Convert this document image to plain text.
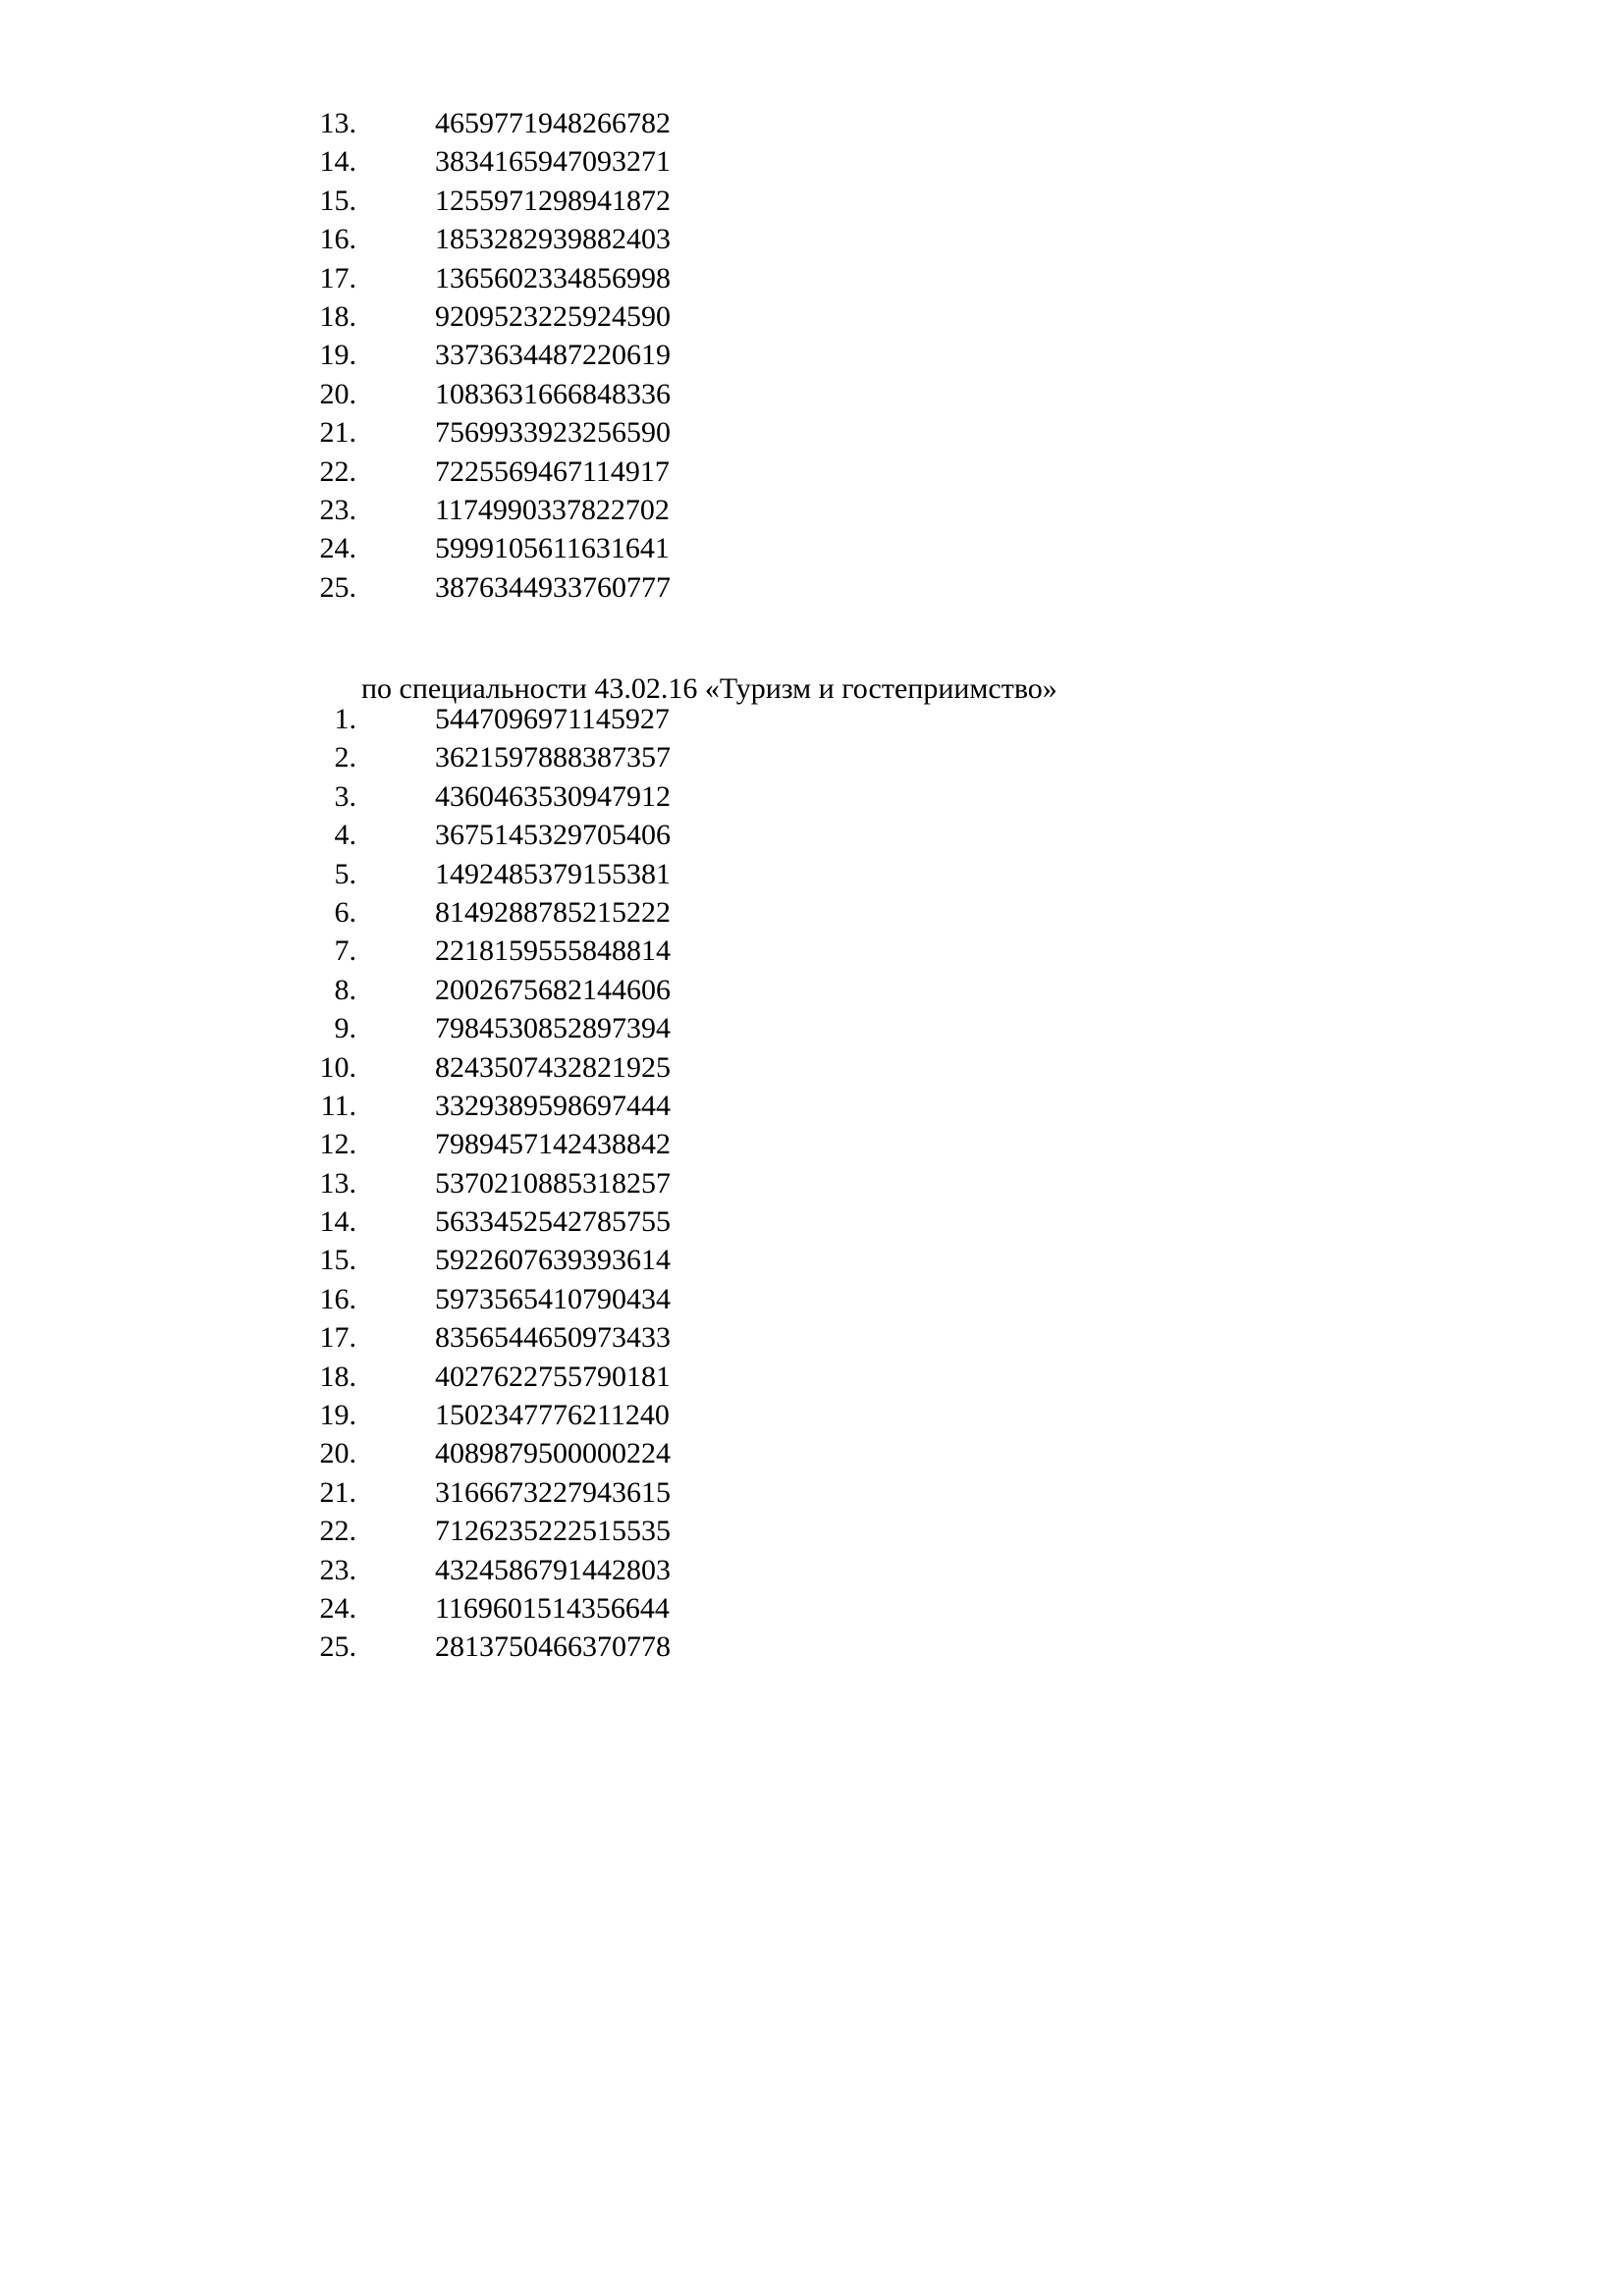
13.	4659771948266782
14.	3834165947093271
15.	1255971298941872
16.	1853282939882403
17.	1365602334856998
18.	9209523225924590
19.	3373634487220619
20.	1083631666848336
21.	7569933923256590
22.	7225569467114917
23.	1174990337822702
24.	5999105611631641
25.	3876344933760777

по специальности 43.02.16 «Туризм и гостеприимство»

1.	5447096971145927
2.	3621597888387357
3.	4360463530947912
4.	3675145329705406
5.	1492485379155381
6.	8149288785215222
7.	2218159555848814
8.	2002675682144606
9.	7984530852897394
10.	8243507432821925
11.	3329389598697444
12.	7989457142438842
13.	5370210885318257
14.	5633452542785755
15.	5922607639393614
16.	5973565410790434
17.	8356544650973433
18.	4027622755790181
19.	1502347776211240
20.	4089879500000224
21.	3166673227943615
22.	7126235222515535
23.	4324586791442803
24.	1169601514356644
25.	2813750466370778
